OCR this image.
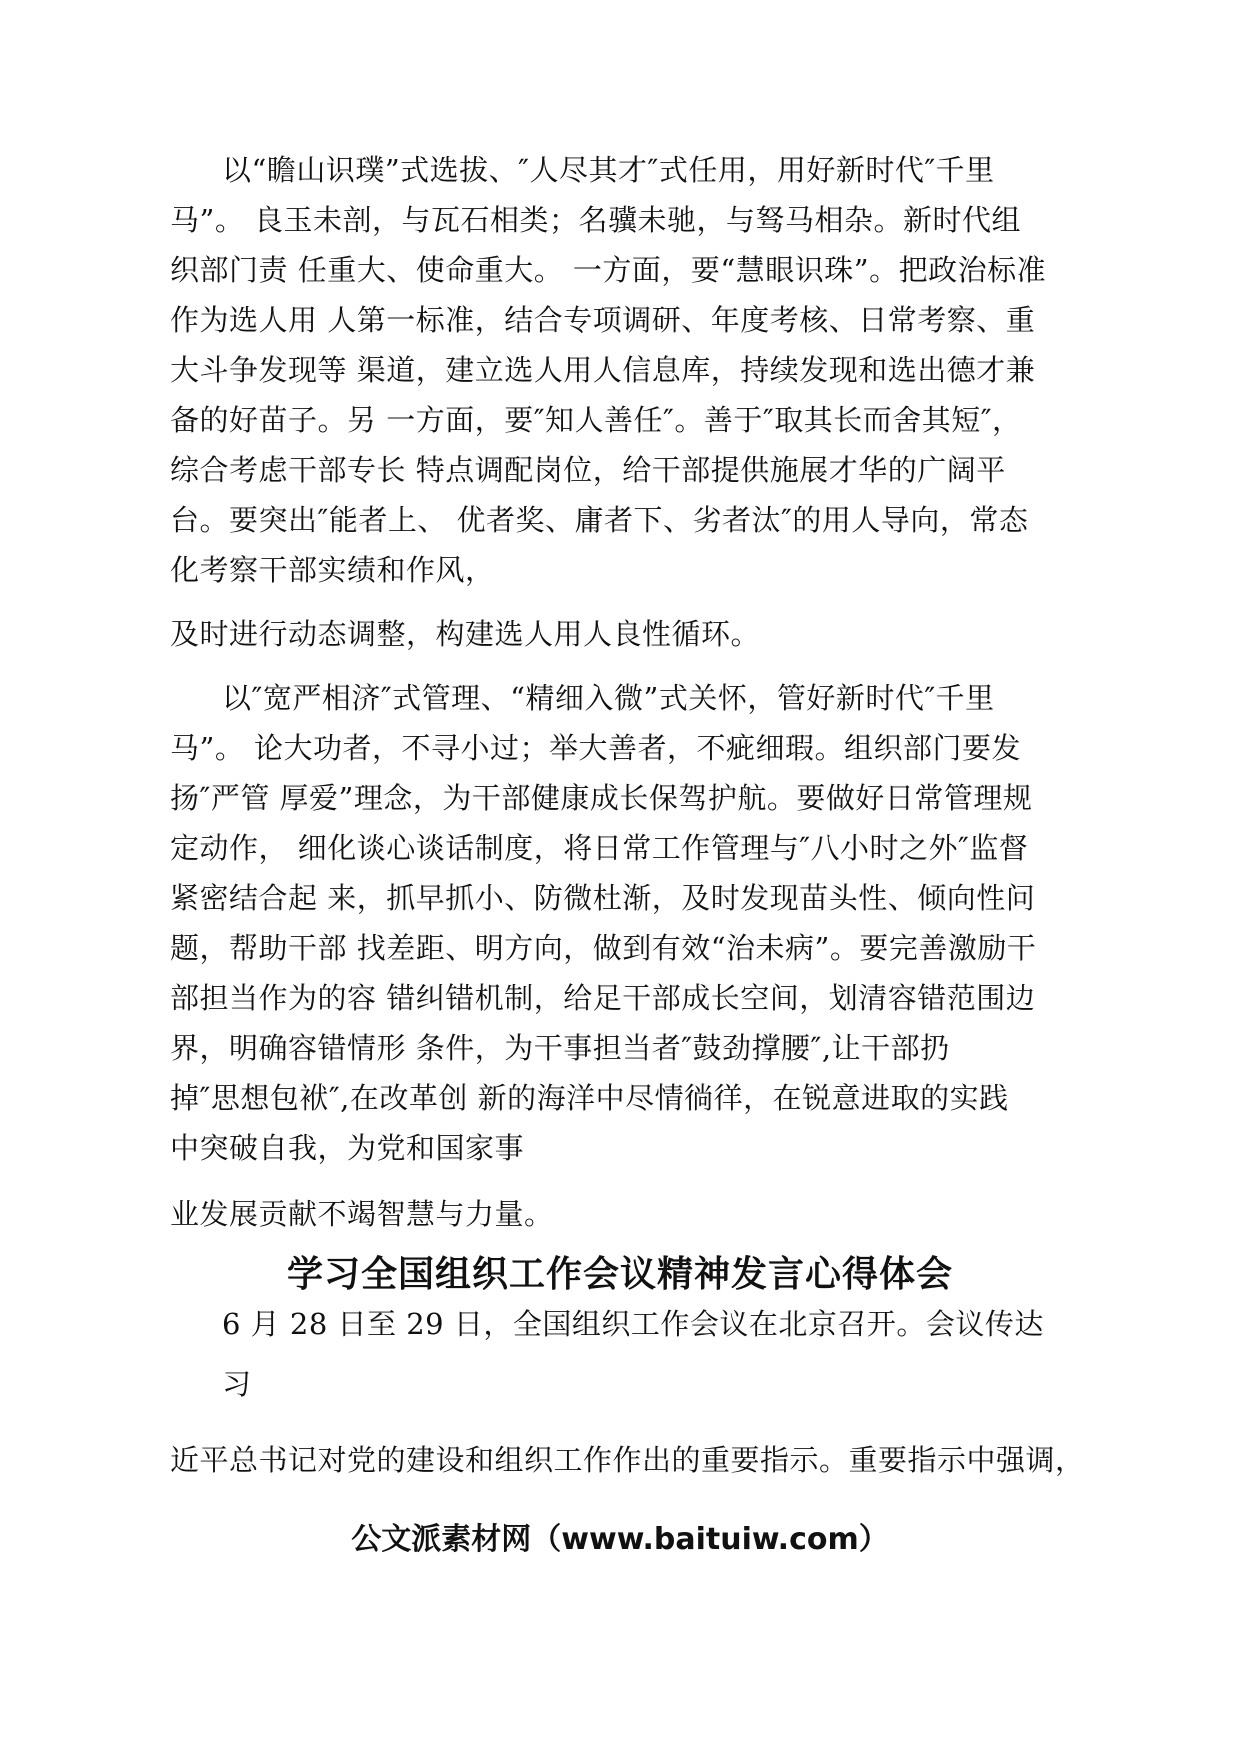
以“瞻山识璞”式选拔、″人尽其才″式任用，用好新时代″千里
马”。 良玉未剖，与瓦石相类；名骥未驰，与驽马相杂。新时代组
织部门责 任重大、使命重大。 一方面，要“慧眼识珠”。把政治标准
作为选人用 人第一标准，结合专项调研、年度考核、日常考察、重
大斗争发现等 渠道，建立选人用人信息库，持续发现和选出德才兼
备的好苗子。另 一方面，要″知人善任″。善于″取其长而舍其短″，
综合考虑干部专长 特点调配岗位，给干部提供施展才华的广阔平
台。要突出″能者上、 优者奖、庸者下、劣者汰″的用人导向，常态
化考察干部实绩和作风，
及时进行动态调整，构建选人用人良性循环。
以″宽严相济″式管理、“精细入微”式关怀，管好新时代″千里
马”。 论大功者，不寻小过；举大善者，不疵细瑕。组织部门要发
扬″严管 厚爱”理念，为干部健康成长保驾护航。要做好日常管理规
定动作， 细化谈心谈话制度，将日常工作管理与″八小时之外″监督
紧密结合起 来，抓早抓小、防微杜渐，及时发现苗头性、倾向性问
题，帮助干部 找差距、明方向，做到有效“治未病”。要完善激励干
部担当作为的容 错纠错机制，给足干部成长空间，划清容错范围边
界，明确容错情形 条件，为干事担当者″鼓劲撑腰″,让干部扔
掉″思想包袱″,在改革创 新的海洋中尽情徜徉，在锐意进取的实践
中突破自我，为党和国家事
业发展贡献不竭智慧与力量。
学习全国组织工作会议精神发言心得体会
6 月 28 日至 29 日，全国组织工作会议在北京召开。会议传达
习
近平总书记对党的建设和组织工作作出的重要指示。重要指示中强调，
公文派素材网（www.baituiw.com）
